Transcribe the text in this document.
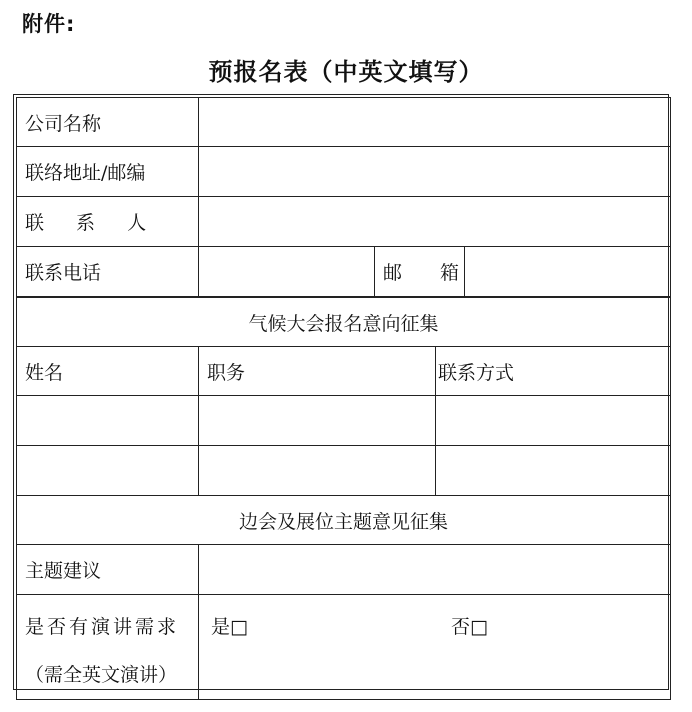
附件:
预报名表（中英文填写）
公司名称			
联络地址/邮编			
联 系 人			
联系电话		邮 箱	
气候大会报名意向征集		
姓名	职务	联系方式

边会及展位主题意见征集		
主题建议		

是否有演讲需求
（需全英文演讲）	是□ 否□	
